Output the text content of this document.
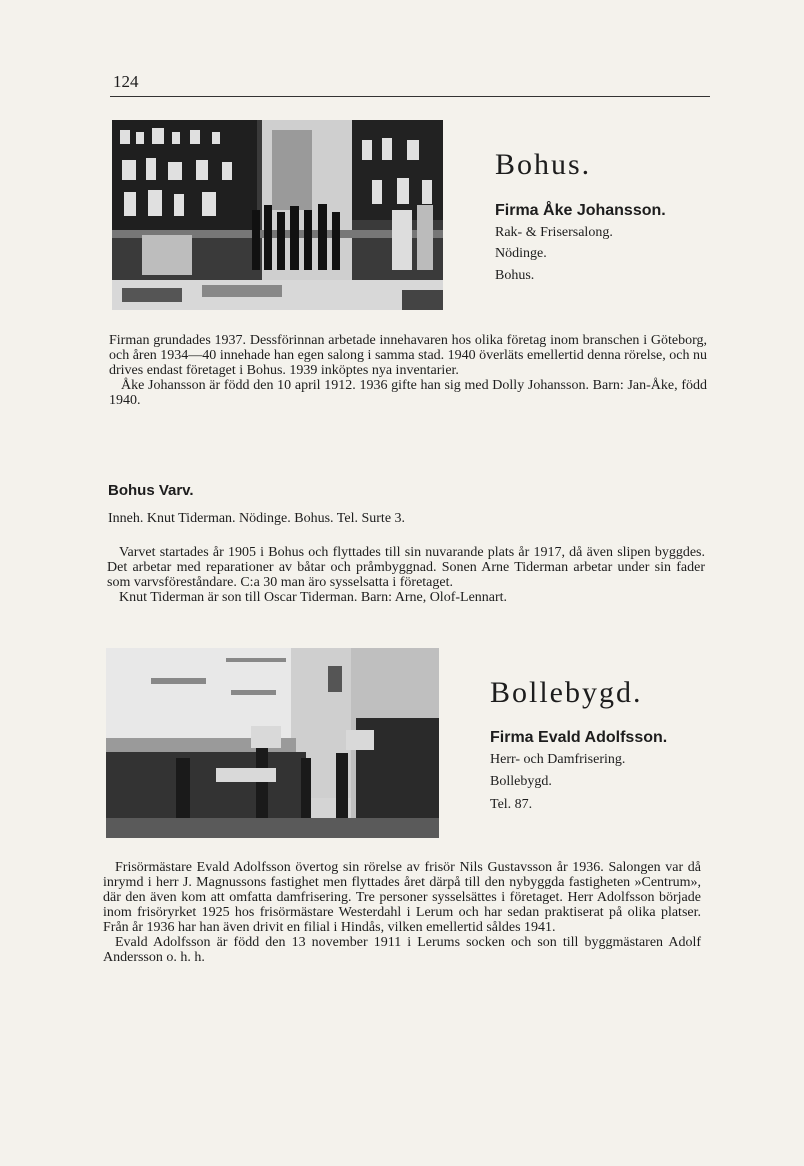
124
Bohus.
Firma Åke Johansson.
Rak- & Frisersalong.
Nödinge.
Bohus.

Firman grundades 1937. Dessförinnan arbetade innehavaren hos olika företag inom branschen i Göteborg, och åren 1934—40 innehade han egen salong i samma stad. 1940 överläts emellertid denna rörelse, och nu drives endast företaget i Bohus. 1939 inköptes nya inventarier.

Åke Johansson är född den 10 april 1912. 1936 gifte han sig med Dolly Johansson. Barn: Jan-Åke, född 1940.

Bohus Varv.
Inneh. Knut Tiderman. Nödinge. Bohus. Tel. Surte 3.

Varvet startades år 1905 i Bohus och flyttades till sin nuvarande plats år 1917, då även slipen byggdes. Det arbetar med reparationer av båtar och pråmbyggnad. Sonen Arne Tiderman arbetar under sin fader som varvsföreståndare. C:a 30 man äro sysselsatta i företaget.

Knut Tiderman är son till Oscar Tiderman. Barn: Arne, Olof-Lennart.

Bollebygd.
Firma Evald Adolfsson.
Herr- och Damfrisering.
Bollebygd.
Tel. 87.

Frisörmästare Evald Adolfsson övertog sin rörelse av frisör Nils Gustavsson år 1936. Salongen var då inrymd i herr J. Magnussons fastighet men flyttades året därpå till den nybyggda fastigheten »Centrum», där den även kom att omfatta damfrisering. Tre personer sysselsättes i företaget. Herr Adolfsson började inom frisöryrket 1925 hos frisörmästare Westerdahl i Lerum och har sedan praktiserat på olika platser. Från år 1936 har han även drivit en filial i Hindås, vilken emellertid såldes 1941.

Evald Adolfsson är född den 13 november 1911 i Lerums socken och son till byggmästaren Adolf Andersson o. h. h.
